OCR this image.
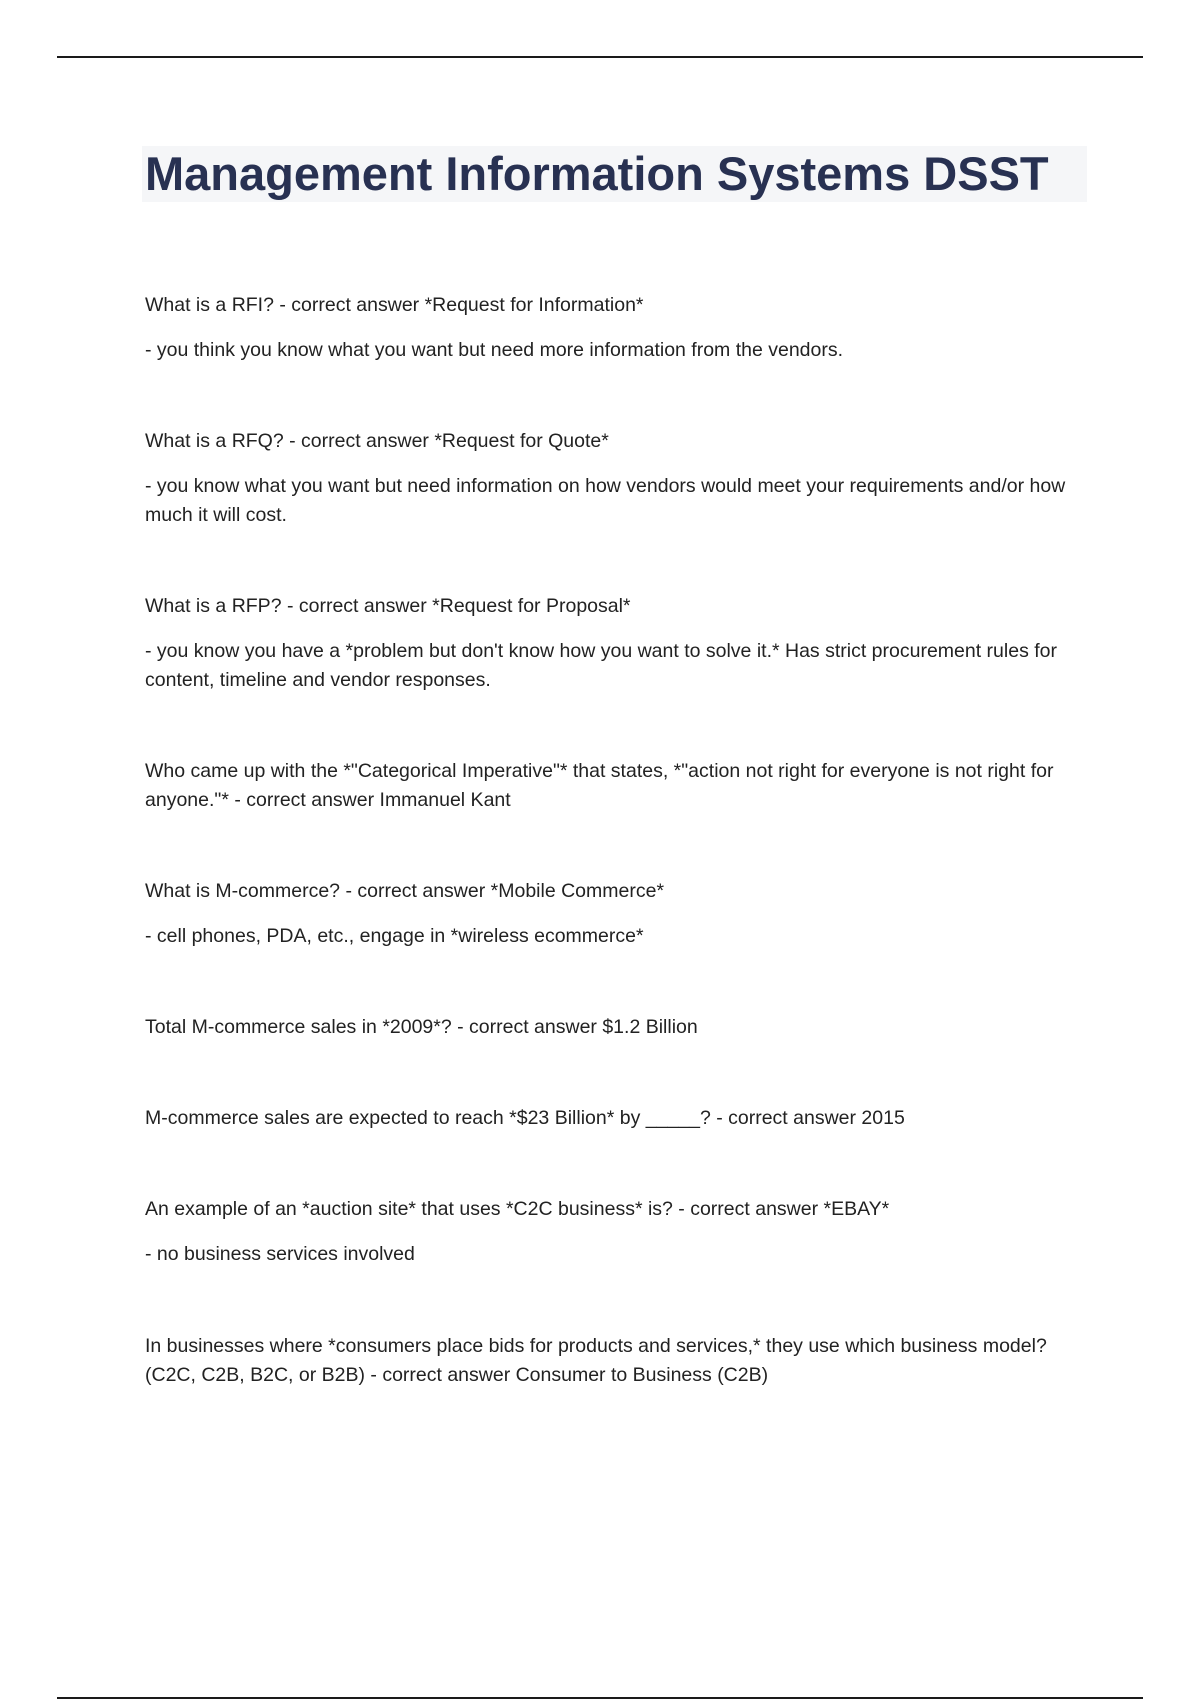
Management Information Systems DSST

What is a RFI? - correct answer *Request for Information*

- you think you know what you want but need more information from the vendors.

What is a RFQ? - correct answer *Request for Quote*

- you know what you want but need information on how vendors would meet your requirements and/or how much it will cost.

What is a RFP? - correct answer *Request for Proposal*

- you know you have a *problem but don't know how you want to solve it.* Has strict procurement rules for content, timeline and vendor responses.

Who came up with the *"Categorical Imperative"* that states, *"action not right for everyone is not right for anyone."* - correct answer Immanuel Kant

What is M-commerce? - correct answer *Mobile Commerce*

- cell phones, PDA, etc., engage in *wireless ecommerce*

Total M-commerce sales in *2009*? - correct answer $1.2 Billion

M-commerce sales are expected to reach *$23 Billion* by _____? - correct answer 2015

An example of an *auction site* that uses *C2C business* is? - correct answer *EBAY*

- no business services involved

In businesses where *consumers place bids for products and services,* they use which business model? (C2C, C2B, B2C, or B2B) - correct answer Consumer to Business (C2B)
